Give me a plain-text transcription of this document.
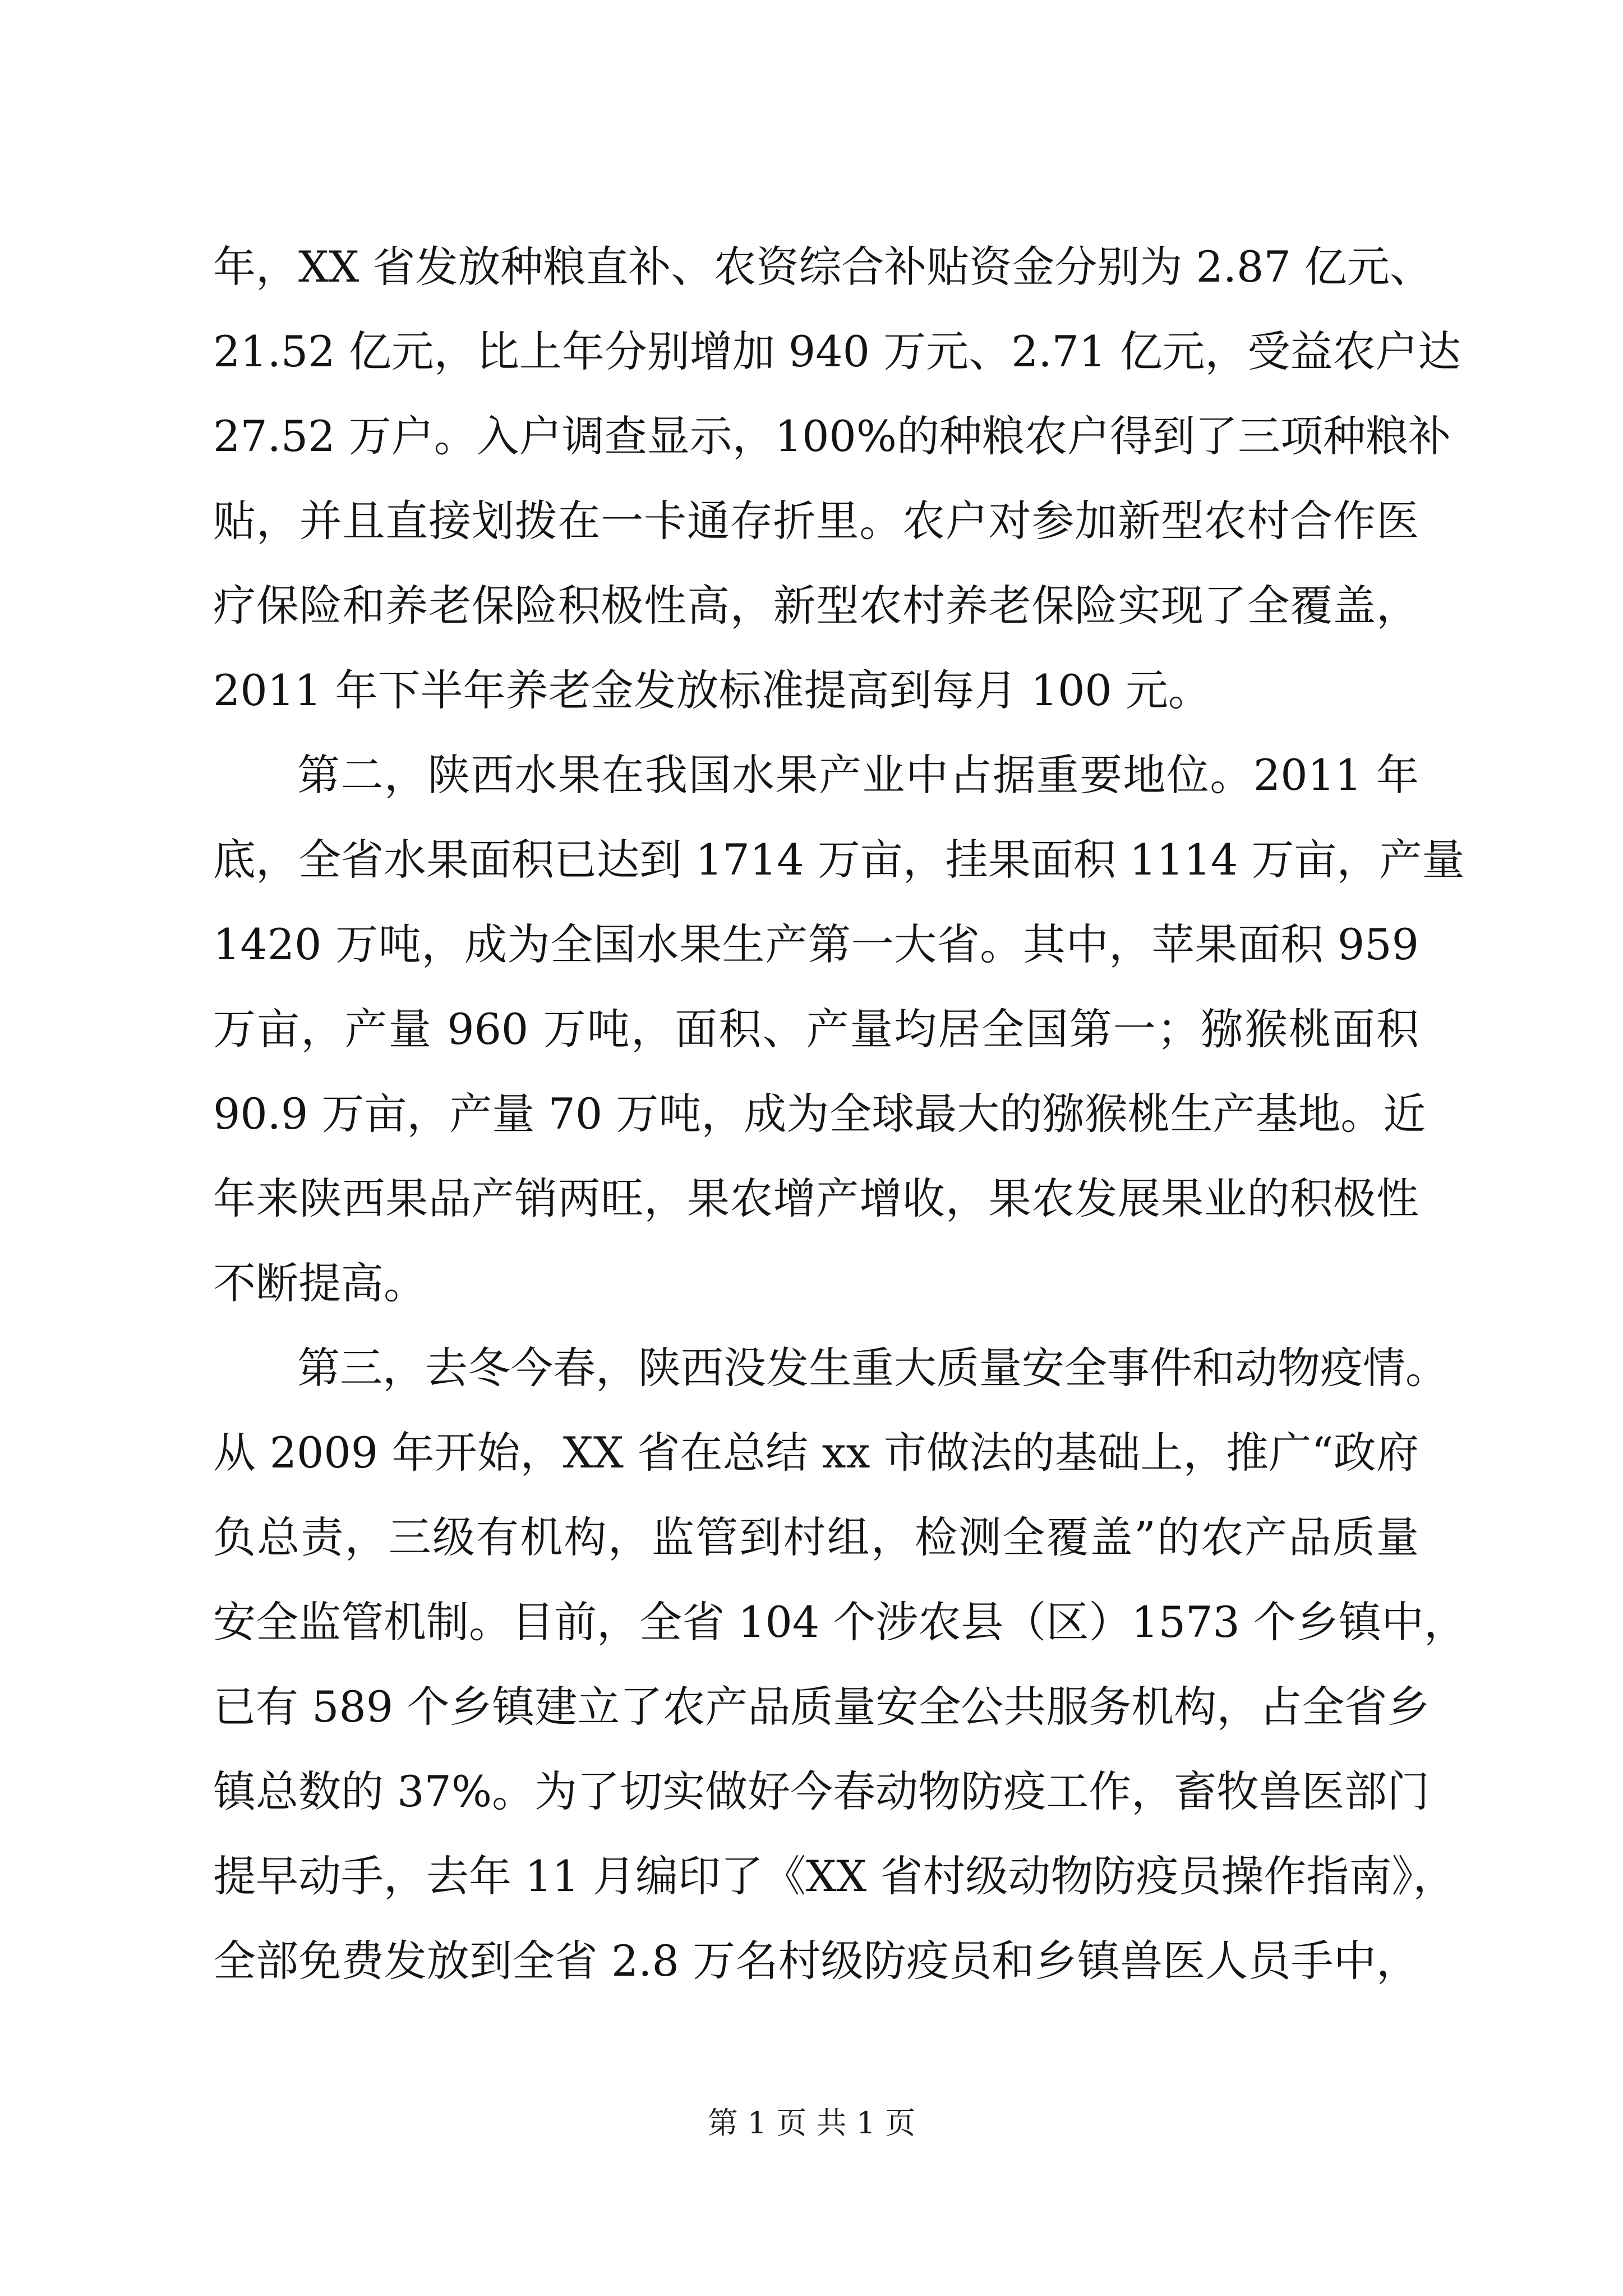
年，XX 省发放种粮直补、农资综合补贴资金分别为 2.87 亿元、
21.52 亿元，比上年分别增加 940 万元、2.71 亿元，受益农户达
27.52 万户。入户调查显示，100%的种粮农户得到了三项种粮补
贴，并且直接划拨在一卡通存折里。农户对参加新型农村合作医
疗保险和养老保险积极性高，新型农村养老保险实现了全覆盖，
2011 年下半年养老金发放标准提高到每月 100 元。
第二，陕西水果在我国水果产业中占据重要地位。2011 年
底，全省水果面积已达到 1714 万亩，挂果面积 1114 万亩，产量
1420 万吨，成为全国水果生产第一大省。其中，苹果面积 959
万亩，产量 960 万吨，面积、产量均居全国第一；猕猴桃面积
90.9 万亩，产量 70 万吨，成为全球最大的猕猴桃生产基地。近
年来陕西果品产销两旺，果农增产增收，果农发展果业的积极性
不断提高。
第三，去冬今春，陕西没发生重大质量安全事件和动物疫情。
从 2009 年开始，XX 省在总结 xx 市做法的基础上，推广“政府
负总责，三级有机构，监管到村组，检测全覆盖”的农产品质量
安全监管机制。目前，全省 104 个涉农县（区）1573 个乡镇中，
已有 589 个乡镇建立了农产品质量安全公共服务机构，占全省乡
镇总数的 37%。为了切实做好今春动物防疫工作，畜牧兽医部门
提早动手，去年 11 月编印了《XX 省村级动物防疫员操作指南》，
全部免费发放到全省 2.8 万名村级防疫员和乡镇兽医人员手中，
第 1 页 共 1 页
